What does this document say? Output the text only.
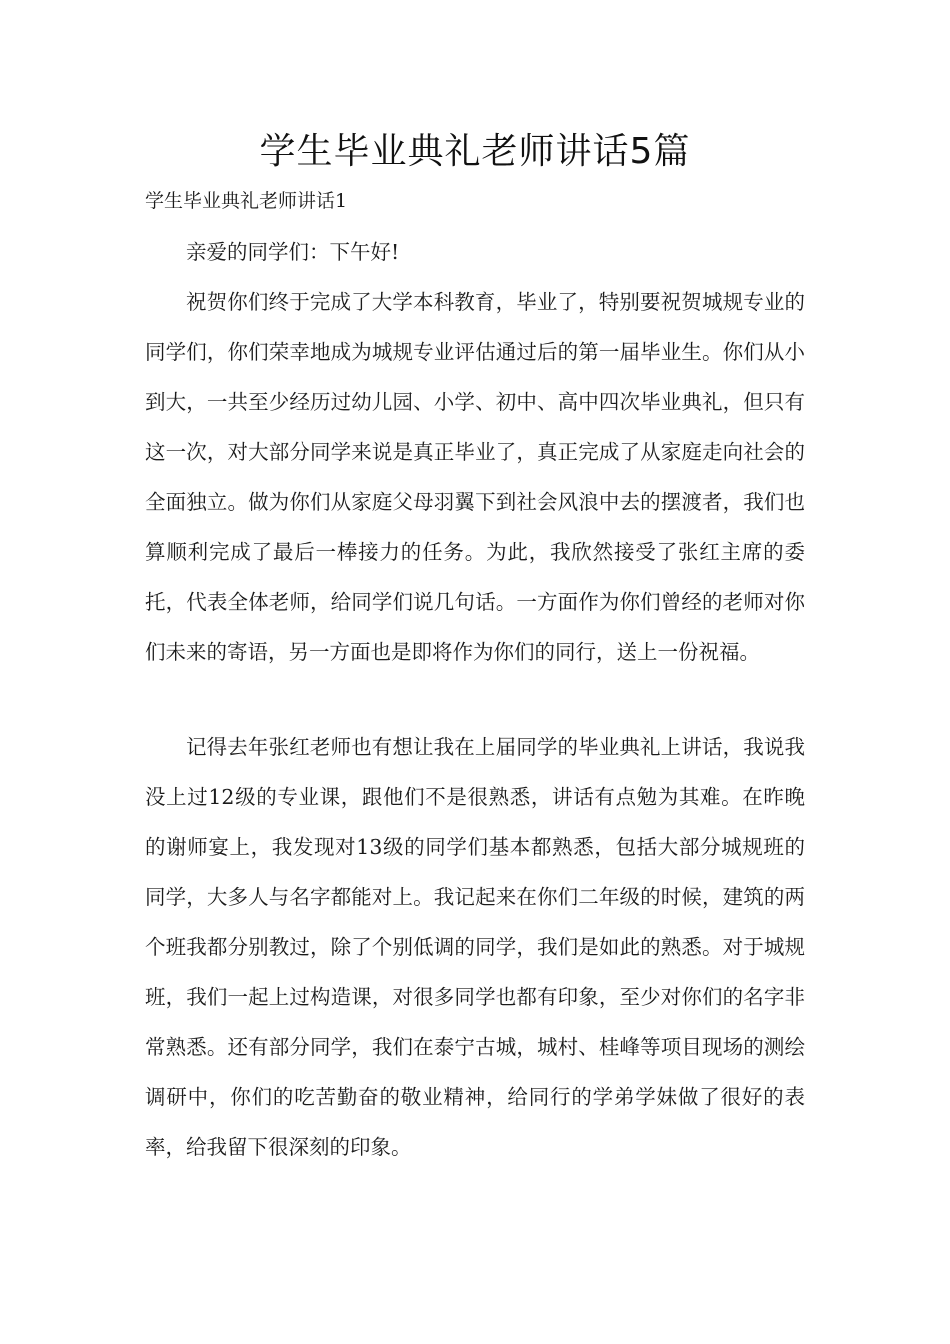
学生毕业典礼老师讲话5篇
学生毕业典礼老师讲话1

亲爱的同学们：下午好!

祝贺你们终于完成了大学本科教育，毕业了，特别要祝贺城规专业的同学们，你们荣幸地成为城规专业评估通过后的第一届毕业生。你们从小到大，一共至少经历过幼儿园、小学、初中、高中四次毕业典礼，但只有这一次，对大部分同学来说是真正毕业了，真正完成了从家庭走向社会的全面独立。做为你们从家庭父母羽翼下到社会风浪中去的摆渡者，我们也算顺利完成了最后一棒接力的任务。为此，我欣然接受了张红主席的委托，代表全体老师，给同学们说几句话。一方面作为你们曾经的老师对你们未来的寄语，另一方面也是即将作为你们的同行，送上一份祝福。

记得去年张红老师也有想让我在上届同学的毕业典礼上讲话，我说我没上过12级的专业课，跟他们不是很熟悉，讲话有点勉为其难。在昨晚的谢师宴上，我发现对13级的同学们基本都熟悉，包括大部分城规班的同学，大多人与名字都能对上。我记起来在你们二年级的时候，建筑的两个班我都分别教过，除了个别低调的同学，我们是如此的熟悉。对于城规班，我们一起上过构造课，对很多同学也都有印象，至少对你们的名字非常熟悉。还有部分同学，我们在泰宁古城，城村、桂峰等项目现场的测绘调研中，你们的吃苦勤奋的敬业精神，给同行的学弟学妹做了很好的表率，给我留下很深刻的印象。
